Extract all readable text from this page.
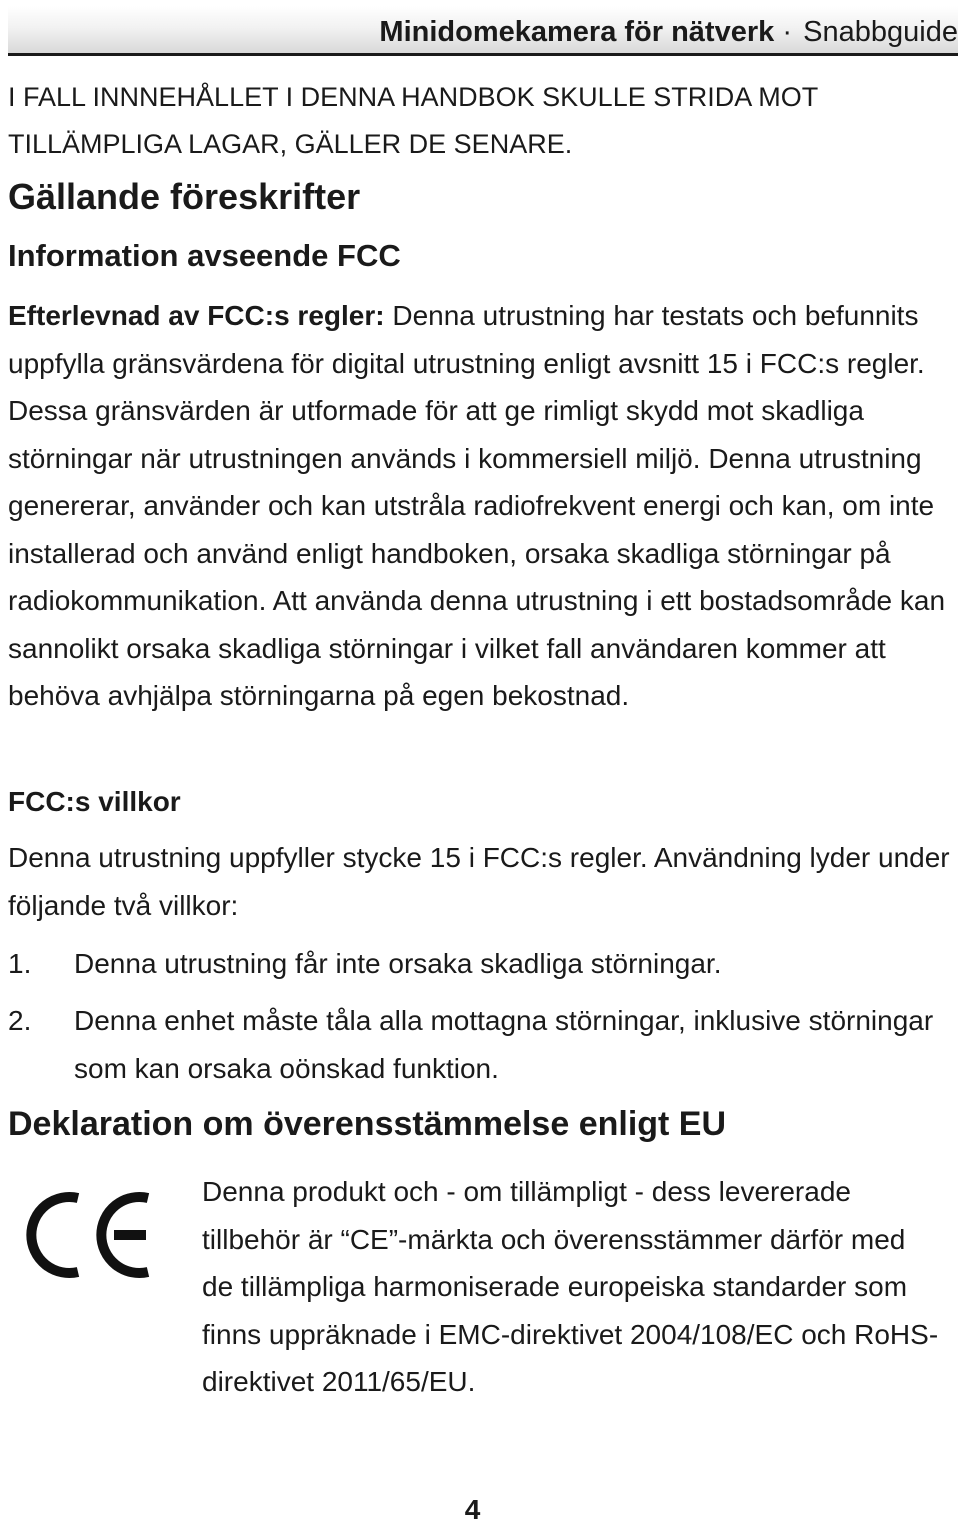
Minidomekamera för nätverk · Snabbguide
I FALL INNNEHÅLLET I DENNA HANDBOK SKULLE STRIDA MOT TILLÄMPLIGA LAGAR, GÄLLER DE SENARE.
Gällande föreskrifter
Information avseende FCC
Efterlevnad av FCC:s regler: Denna utrustning har testats och befunnits uppfylla gränsvärdena för digital utrustning enligt avsnitt 15 i FCC:s regler. Dessa gränsvärden är utformade för att ge rimligt skydd mot skadliga störningar när utrustningen används i kommersiell miljö. Denna utrustning genererar, använder och kan utstråla radiofrekvent energi och kan, om inte installerad och använd enligt handboken, orsaka skadliga störningar på radiokommunikation. Att använda denna utrustning i ett bostadsområde kan sannolikt orsaka skadliga störningar i vilket fall användaren kommer att behöva avhjälpa störningarna på egen bekostnad.
FCC:s villkor
Denna utrustning uppfyller stycke 15 i FCC:s regler. Användning lyder under följande två villkor:
1. Denna utrustning får inte orsaka skadliga störningar.
2. Denna enhet måste tåla alla mottagna störningar, inklusive störningar som kan orsaka oönskad funktion.
Deklaration om överensstämmelse enligt EU
Denna produkt och - om tillämpligt - dess levererade tillbehör är “CE”-märkta och överensstämmer därför med de tillämpliga harmoniserade europeiska standarder som finns uppräknade i EMC-direktivet 2004/108/EC och RoHS-direktivet 2011/65/EU.
4
